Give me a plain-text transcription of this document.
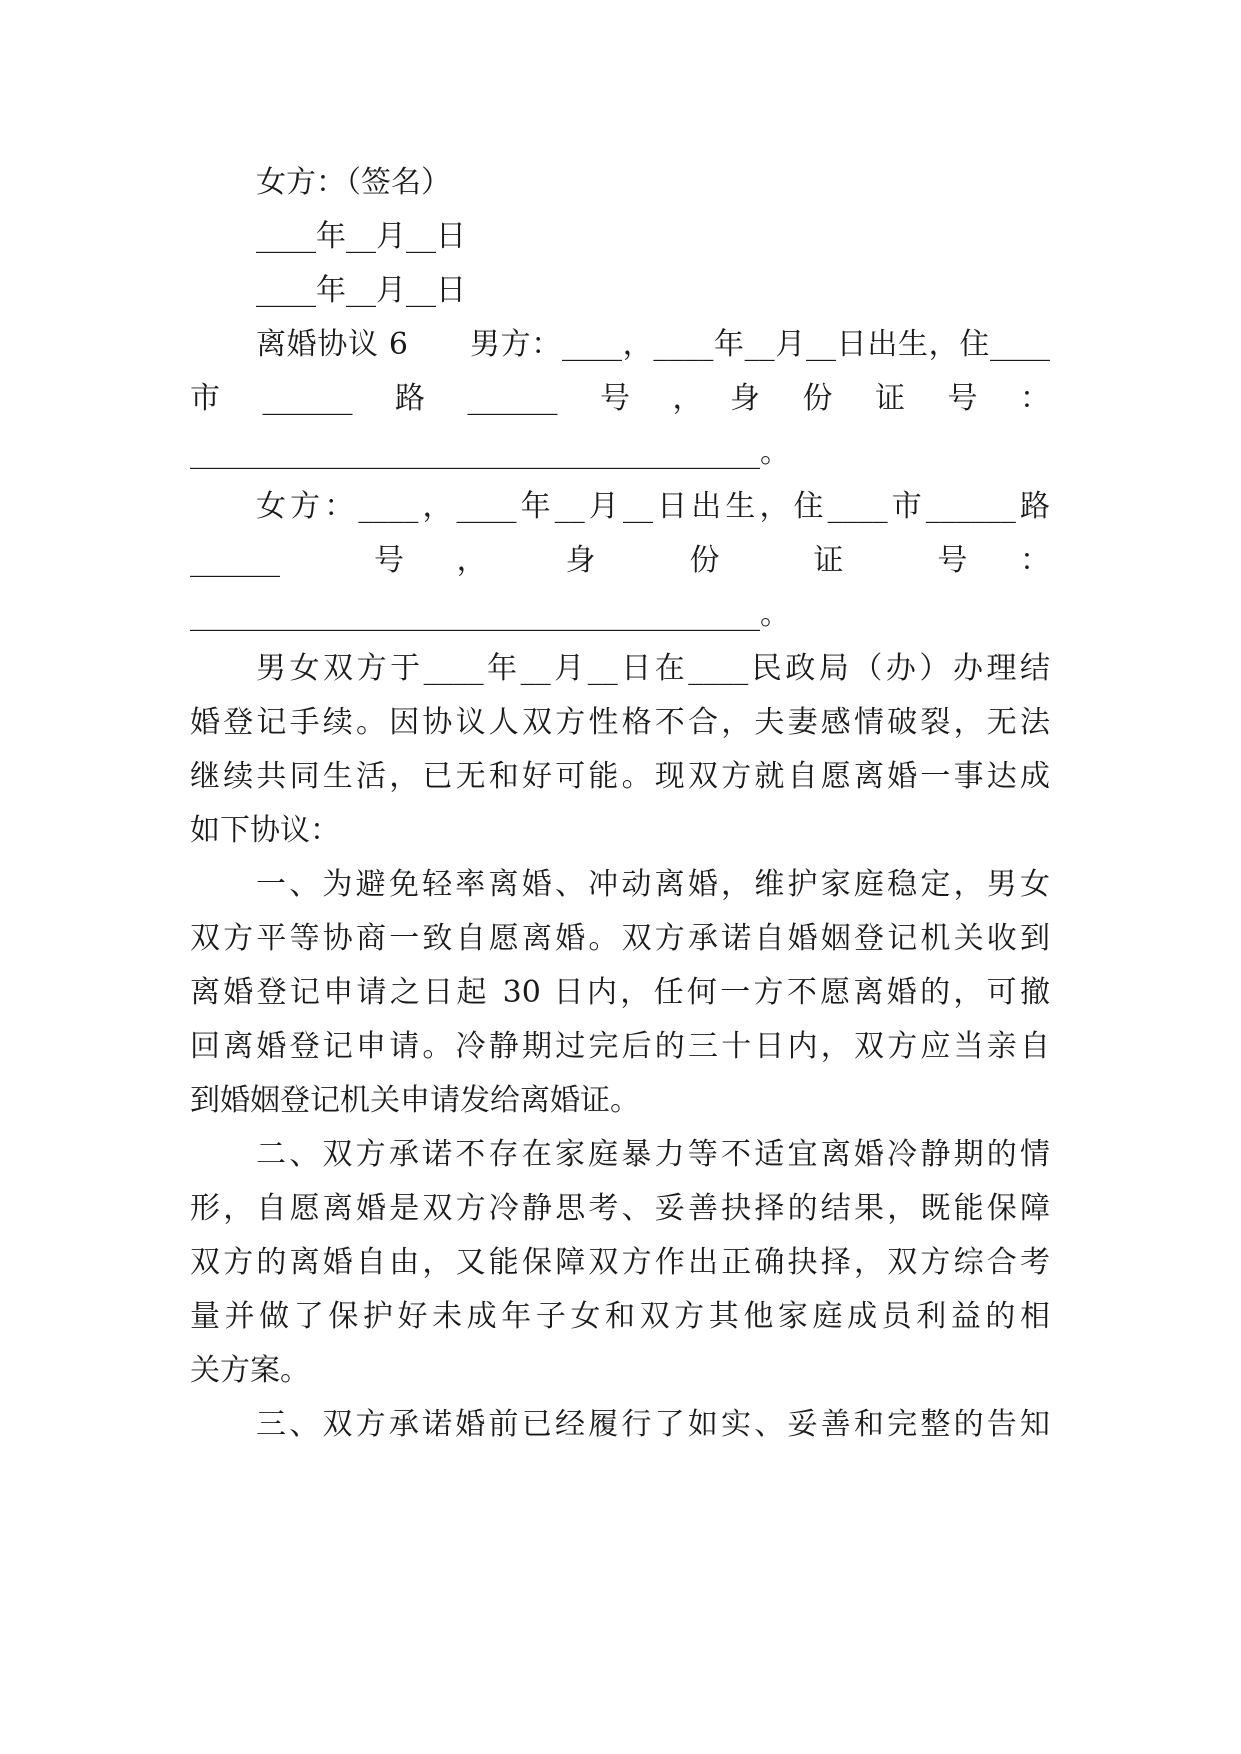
女方：（签名）
____年__月__日
____年__月__日
离婚协议 6　　男方：____，____年__月__日出生，住____
市　______　路　______　号　，　身　份　证　号　：
______________________________________。
女方：____，____年__月__日出生，住____市______路
______　　号　，　　身　　份　　证　　号　：
______________________________________。
男女双方于____年__月__日在____民政局（办）办理结
婚登记手续。因协议人双方性格不合，夫妻感情破裂，无法
继续共同生活，已无和好可能。现双方就自愿离婚一事达成
如下协议：
一、为避免轻率离婚、冲动离婚，维护家庭稳定，男女
双方平等协商一致自愿离婚。双方承诺自婚姻登记机关收到
离婚登记申请之日起 30 日内，任何一方不愿离婚的，可撤
回离婚登记申请。冷静期过完后的三十日内，双方应当亲自
到婚姻登记机关申请发给离婚证。
二、双方承诺不存在家庭暴力等不适宜离婚冷静期的情
形，自愿离婚是双方冷静思考、妥善抉择的结果，既能保障
双方的离婚自由，又能保障双方作出正确抉择，双方综合考
量并做了保护好未成年子女和双方其他家庭成员利益的相
关方案。
三、双方承诺婚前已经履行了如实、妥善和完整的告知
